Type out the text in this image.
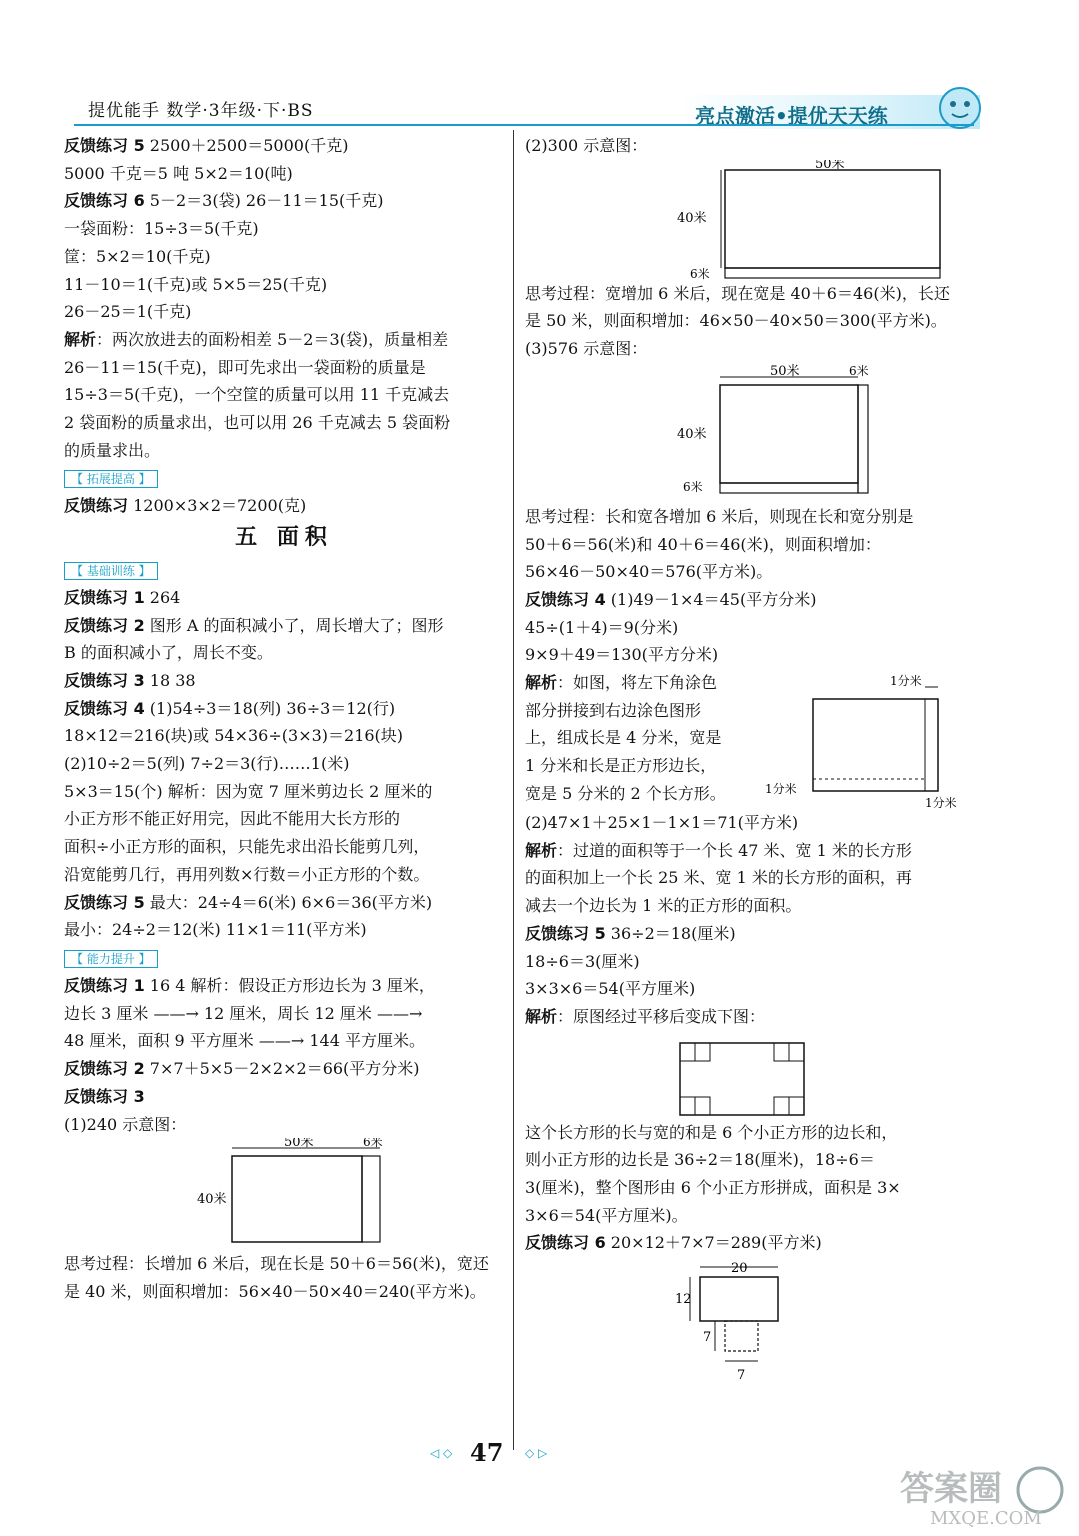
提优能手 数学·3年级·下·BS	亮点激活•提优天天练
反馈练习 5 2500＋2500＝5000(千克)
5000 千克＝5 吨 5×2＝10(吨)
反馈练习 6 5－2＝3(袋) 26－11＝15(千克)
一袋面粉：15÷3＝5(千克)
筐：5×2＝10(千克)
11－10＝1(千克)或 5×5＝25(千克)
26－25＝1(千克)
解析：两次放进去的面粉相差 5－2＝3(袋)，质量相差
26－11＝15(千克)，即可先求出一袋面粉的质量是
15÷3＝5(千克)，一个空筐的质量可以用 11 千克减去
2 袋面粉的质量求出，也可以用 26 千克减去 5 袋面粉
的质量求出。
【 拓展提高 】
反馈练习 1200×3×2＝7200(克)
五 面积
【 基础训练 】
反馈练习 1 264
反馈练习 2 图形 A 的面积减小了，周长增大了；图形
B 的面积减小了，周长不变。
反馈练习 3 18 38
反馈练习 4 (1)54÷3＝18(列) 36÷3＝12(行)
18×12＝216(块)或 54×36÷(3×3)＝216(块)
(2)10÷2＝5(列) 7÷2＝3(行)……1(米)
5×3＝15(个) 解析：因为宽 7 厘米剪边长 2 厘米的
小正方形不能正好用完，因此不能用大长方形的
面积÷小正方形的面积，只能先求出沿长能剪几列，
沿宽能剪几行，再用列数×行数＝小正方形的个数。
反馈练习 5 最大：24÷4＝6(米) 6×6＝36(平方米)
最小：24÷2＝12(米) 11×1＝11(平方米)
【 能力提升 】
反馈练习 1 16 4 解析：假设正方形边长为 3 厘米，
边长 3 厘米 ——→ 12 厘米，周长 12 厘米 ——→
48 厘米，面积 9 平方厘米 ——→ 144 平方厘米。
反馈练习 2 7×7＋5×5－2×2×2＝66(平方分米)
反馈练习 3
(1)240 示意图：
50米	6米
40米
思考过程：长增加 6 米后，现在长是 50＋6＝56(米)，宽还
是 40 米，则面积增加：56×40－50×40＝240(平方米)。
(2)300 示意图：
50米
40米
6米
思考过程：宽增加 6 米后，现在宽是 40＋6＝46(米)，长还
是 50 米，则面积增加：46×50－40×50＝300(平方米)。
(3)576 示意图：
50米	6米
40米
6米
思考过程：长和宽各增加 6 米后，则现在长和宽分别是
50＋6＝56(米)和 40＋6＝46(米)，则面积增加：
56×46－50×40＝576(平方米)。
反馈练习 4 (1)49－1×4＝45(平方分米)
45÷(1＋4)＝9(分米)
9×9＋49＝130(平方分米)
解析：如图，将左下角涂色
部分拼接到右边涂色图形
上，组成长是 4 分米，宽是
1 分米和长是正方形边长，
宽是 5 分米的 2 个长方形。
1分米
1分米
1分米
(2)47×1＋25×1－1×1＝71(平方米)
解析：过道的面积等于一个长 47 米、宽 1 米的长方形
的面积加上一个长 25 米、宽 1 米的长方形的面积，再
减去一个边长为 1 米的正方形的面积。
反馈练习 5 36÷2＝18(厘米)
18÷6＝3(厘米)
3×3×6＝54(平方厘米)
解析：原图经过平移后变成下图：
这个长方形的长与宽的和是 6 个小正方形的边长和，
则小正方形的边长是 36÷2＝18(厘米)，18÷6＝
3(厘米)，整个图形由 6 个小正方形拼成，面积是 3×
3×6＝54(平方厘米)。
反馈练习 6 20×12＋7×7＝289(平方米)
20
12
7
7
◁ ◇ 47 ◇ ▷
答案圈
MXQE.COM
